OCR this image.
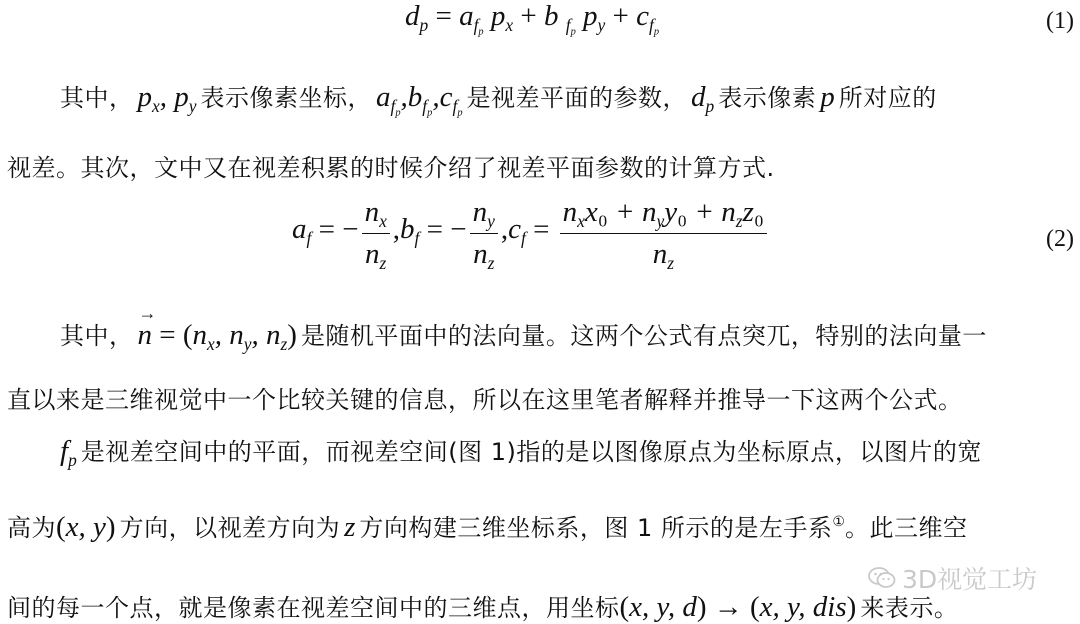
$d_p = a_{f_p}$ $p_x + b$ $_{f_p}$ $p_y + c_{f_p}$	(1)
其中， $p_x$, $p_y$ 表示像素坐标， $a_{f_p},b_{f_p},c_{f_p}$ 是视差平面的参数， $d_p$ 表示像素 p 所对应的
视差。其次，文中又在视差积累的时候介绍了视差平面参数的计算方式.
$a_f$ = − $\frac{n_x}{n_z} ,b_f$ = − $\frac{n_y}{n_z} ,c_f = \frac{n_xx_0 + n_yy_0 + n_zz_0}{n_z}$	(2)
其中， n
→
= ($n_x$, $n_y$, $n_z$) 是随机平面中的法向量。这两个公式有点突兀，特别的法向量一
直以来是三维视觉中一个比较关键的信息，所以在这里笔者解释并推导一下这两个公式。
$f_p$ 是视差空间中的平面，而视差空间(图 1)指的是以图像原点为坐标原点，以图片的宽
高为(x, y) 方向，以视差方向为 z 方向构建三维坐标系，图 1 所示的是左手系①。此三维空
间的每一个点，就是像素在视差空间中的三维点，用坐标(x, y, d) → (x, y, dis) 来表示。
3D视觉工坊
